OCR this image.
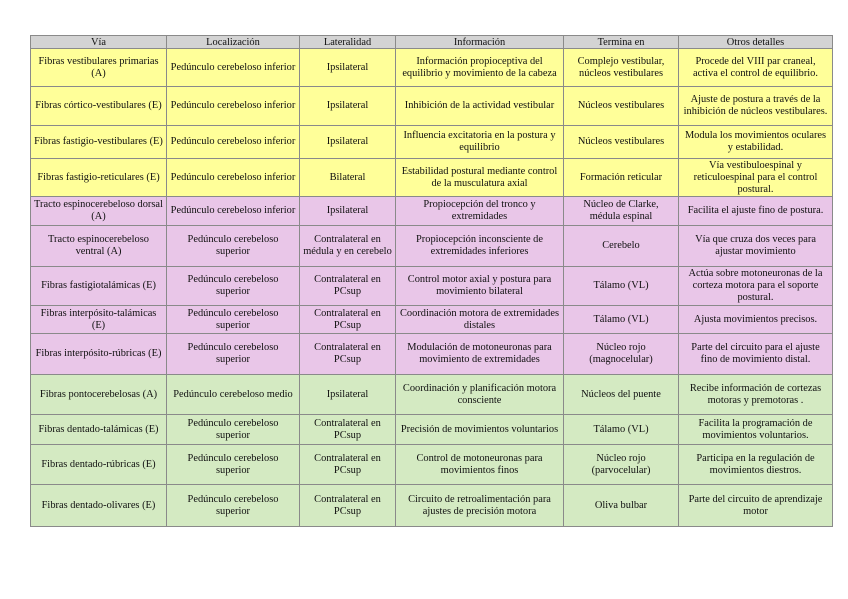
Vía	Localización	Lateralidad	Información	Termina en	Otros detalles
Fibras vestibulares primarias (A)	Pedúnculo cerebeloso inferior	Ipsilateral	Información propioceptiva del equilibrio y movimiento de la cabeza	Complejo vestibular, núcleos vestibulares	Procede del VIII par craneal, activa el control de equilibrio.
Fibras córtico-vestibulares (E)	Pedúnculo cerebeloso inferior	Ipsilateral	Inhibición de la actividad vestibular	Núcleos vestibulares	Ajuste de postura a través de la inhibición de núcleos vestibulares.
Fibras fastigio-vestibulares (E)	Pedúnculo cerebeloso inferior	Ipsilateral	Influencia excitatoria en la postura y equilibrio	Núcleos vestibulares	Modula los movimientos oculares y estabilidad.
Fibras fastigio-reticulares (E)	Pedúnculo cerebeloso inferior	Bilateral	Estabilidad postural mediante control de la musculatura axial	Formación reticular	Vía vestibuloespinal y reticuloespinal para el control postural.
Tracto espinocerebeloso dorsal (A)	Pedúnculo cerebeloso inferior	Ipsilateral	Propiocepción del tronco y extremidades	Núcleo de Clarke, médula espinal	Facilita el ajuste fino de postura.
Tracto espinocerebeloso ventral (A)	Pedúnculo cerebeloso superior	Contralateral en médula y en cerebelo	Propiocepción inconsciente de extremidades inferiores	Cerebelo	Vía que cruza dos veces para ajustar movimiento
Fibras fastigiotalámicas (E)	Pedúnculo cerebeloso superior	Contralateral en PCsup	Control motor axial y postura para movimiento bilateral	Tálamo (VL)	Actúa sobre motoneuronas de la corteza motora para el soporte postural.
Fibras interpósito-talámicas (E)	Pedúnculo cerebeloso superior	Contralateral en PCsup	Coordinación motora de extremidades distales	Tálamo (VL)	Ajusta movimientos precisos.
Fibras interpósito-rúbricas (E)	Pedúnculo cerebeloso superior	Contralateral en PCsup	Modulación de motoneuronas para movimiento de extremidades	Núcleo rojo (magnocelular)	Parte del circuito para el ajuste fino de movimiento distal.
Fibras pontocerebelosas (A)	Pedúnculo cerebeloso medio	Ipsilateral	Coordinación y planificación motora consciente	Núcleos del puente	Recibe información de cortezas motoras y premotoras .
Fibras dentado-talámicas (E)	Pedúnculo cerebeloso superior	Contralateral en PCsup	Precisión de movimientos voluntarios	Tálamo (VL)	Facilita la programación de movimientos voluntarios.
Fibras dentado-rúbricas (E)	Pedúnculo cerebeloso superior	Contralateral en PCsup	Control de motoneuronas para movimientos finos	Núcleo rojo (parvocelular)	Participa en la regulación de movimientos diestros.
Fibras dentado-olivares (E)	Pedúnculo cerebeloso superior	Contralateral en PCsup	Circuito de retroalimentación para ajustes de precisión motora	Oliva bulbar	Parte del circuito de aprendizaje motor
